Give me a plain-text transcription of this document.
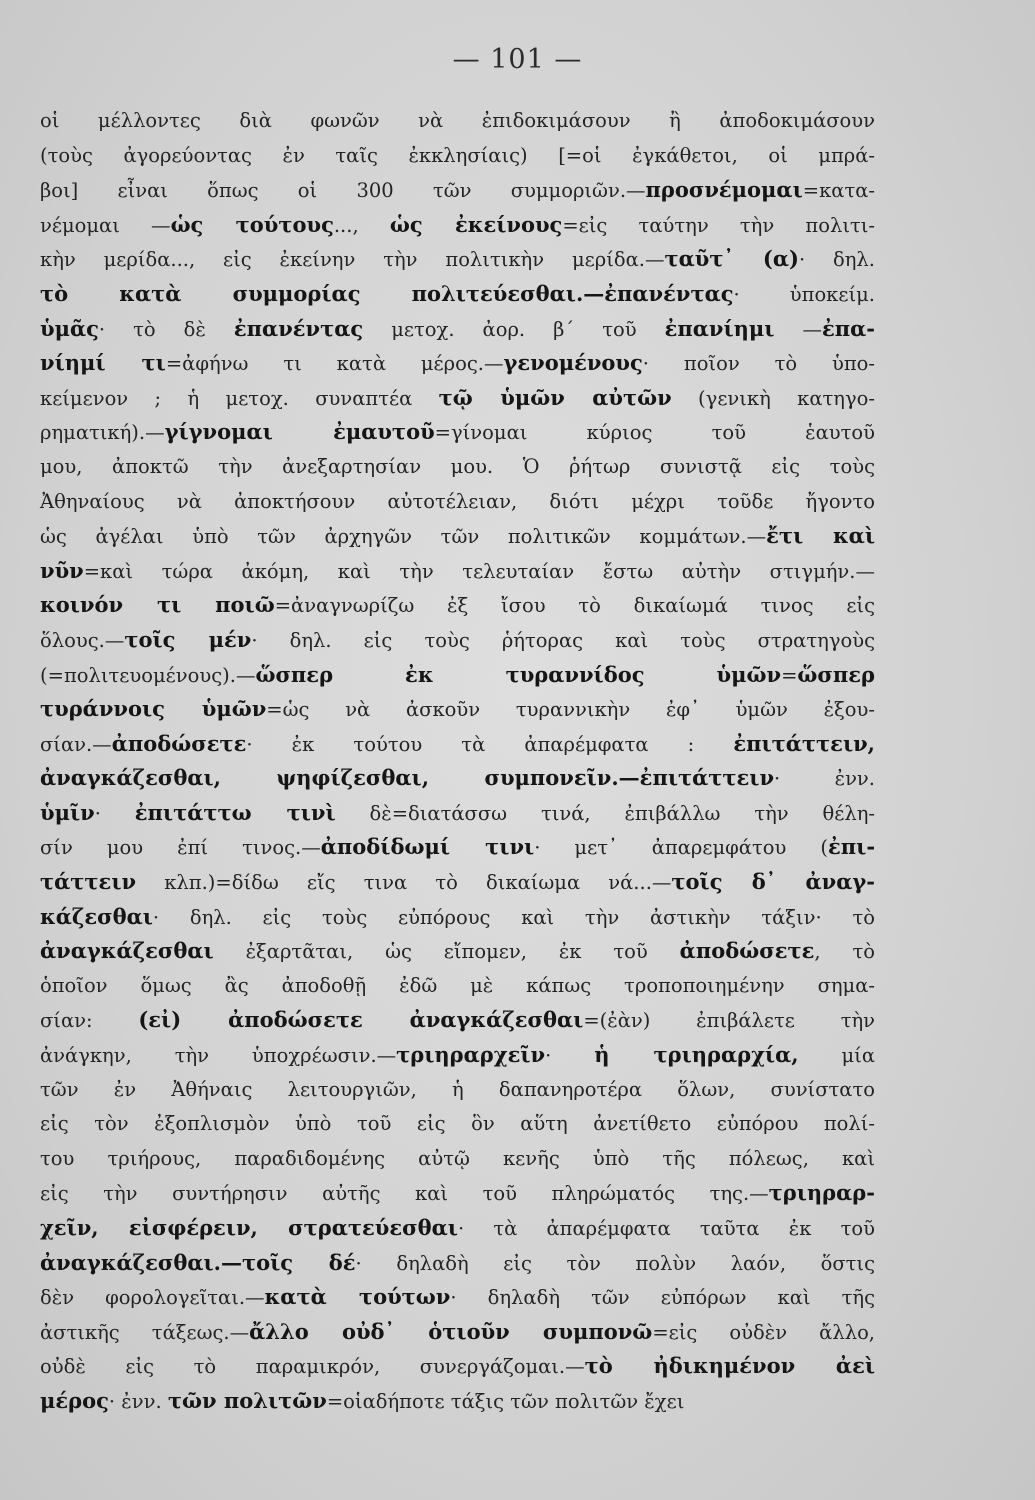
— 101 —
οἱ μέλλοντες διὰ φωνῶν νὰ ἐπιδοκιμάσουν ἢ ἀποδοκιμάσουν
(τοὺς ἀγορεύοντας ἐν ταῖς ἐκκλησίαις) [=οἱ ἐγκάθετοι, οἱ μπρά-
βοι] εἶναι ὅπως οἱ 300 τῶν συμμοριῶν.—προσνέμομαι=κατα-
νέμομαι —ὡς τούτους..., ὡς ἐκείνους=εἰς ταύτην τὴν πολιτι-
κὴν μερίδα..., εἰς ἐκείνην τὴν πολιτικὴν μερίδα.—ταῦτ᾽ (α)· δηλ.
τὸ κατὰ συμμορίας πολιτεύεσθαι.—ἐπανέντας· ὑποκείμ.
ὑμᾶς· τὸ δὲ ἐπανέντας μετοχ. ἀορ. β´ τοῦ ἐπανίημι —ἐπα-
νίημί τι=ἀφήνω τι κατὰ μέρος.—γενομένους· ποῖον τὸ ὑπο-
κείμενον ; ἡ μετοχ. συναπτέα τῷ ὑμῶν αὐτῶν (γενικὴ κατηγο-
ρηματική).—γίγνομαι ἐμαυτοῦ=γίνομαι κύριος τοῦ ἑαυτοῦ
μου, ἀποκτῶ τὴν ἀνεξαρτησίαν μου. Ὁ ῥήτωρ συνιστᾷ εἰς τοὺς
Ἀθηναίους νὰ ἀποκτήσουν αὐτοτέλειαν, διότι μέχρι τοῦδε ἤγοντο
ὡς ἀγέλαι ὑπὸ τῶν ἀρχηγῶν τῶν πολιτικῶν κομμάτων.—ἔτι καὶ
νῦν=καὶ τώρα ἀκόμη, καὶ τὴν τελευταίαν ἔστω αὐτὴν στιγμήν.—
κοινόν τι ποιῶ=ἀναγνωρίζω ἐξ ἴσου τὸ δικαίωμά τινος εἰς
ὅλους.—τοῖς μέν· δηλ. εἰς τοὺς ῥήτορας καὶ τοὺς στρατηγοὺς
(=πολιτευομένους).—ὥσπερ ἐκ τυραννίδος ὑμῶν=ὥσπερ
τυράννοις ὑμῶν=ὡς νὰ ἀσκοῦν τυραννικὴν ἐφ᾽ ὑμῶν ἐξου-
σίαν.—ἀποδώσετε· ἐκ τούτου τὰ ἀπαρέμφατα : ἐπιτάττειν,
ἀναγκάζεσθαι, ψηφίζεσθαι, συμπονεῖν.—ἐπιτάττειν· ἐνν.
ὑμῖν· ἐπιτάττω τινὶ δὲ=διατάσσω τινά, ἐπιβάλλω τὴν θέλη-
σίν μου ἐπί τινος.—ἀποδίδωμί τινι· μετ᾽ ἀπαρεμφάτου (ἐπι-
τάττειν κλπ.)=δίδω εἴς τινα τὸ δικαίωμα νά...—τοῖς δ᾽ ἀναγ-
κάζεσθαι· δηλ. εἰς τοὺς εὐπόρους καὶ τὴν ἀστικὴν τάξιν· τὸ
ἀναγκάζεσθαι ἐξαρτᾶται, ὡς εἴπομεν, ἐκ τοῦ ἀποδώσετε, τὸ
ὁποῖον ὅμως ἂς ἀποδοθῇ ἐδῶ μὲ κάπως τροποποιημένην σημα-
σίαν: (εἰ) ἀποδώσετε ἀναγκάζεσθαι=(ἐὰν) ἐπιβάλετε τὴν
ἀνάγκην, τὴν ὑποχρέωσιν.—τριηραρχεῖν· ἡ τριηραρχία, μία
τῶν ἐν Ἀθήναις λειτουργιῶν, ἡ δαπανηροτέρα ὅλων, συνίστατο
εἰς τὸν ἐξοπλισμὸν ὑπὸ τοῦ εἰς ὃν αὕτη ἀνετίθετο εὐπόρου πολί-
του τριήρους, παραδιδομένης αὐτῷ κενῆς ὑπὸ τῆς πόλεως, καὶ
εἰς τὴν συντήρησιν αὐτῆς καὶ τοῦ πληρώματός της.—τριηραρ-
χεῖν, εἰσφέρειν, στρατεύεσθαι· τὰ ἀπαρέμφατα ταῦτα ἐκ τοῦ
ἀναγκάζεσθαι.—τοῖς δέ· δηλαδὴ εἰς τὸν πολὺν λαόν, ὅστις
δὲν φορολογεῖται.—κατὰ τούτων· δηλαδὴ τῶν εὐπόρων καὶ τῆς
ἀστικῆς τάξεως.—ἄλλο οὐδ᾽ ὁτιοῦν συμπονῶ=εἰς οὐδὲν ἄλλο,
οὐδὲ εἰς τὸ παραμικρόν, συνεργάζομαι.—τὸ ἠδικημένον ἀεὶ
μέρος· ἐνν. τῶν πολιτῶν=οἱαδήποτε τάξις τῶν πολιτῶν ἔχει
